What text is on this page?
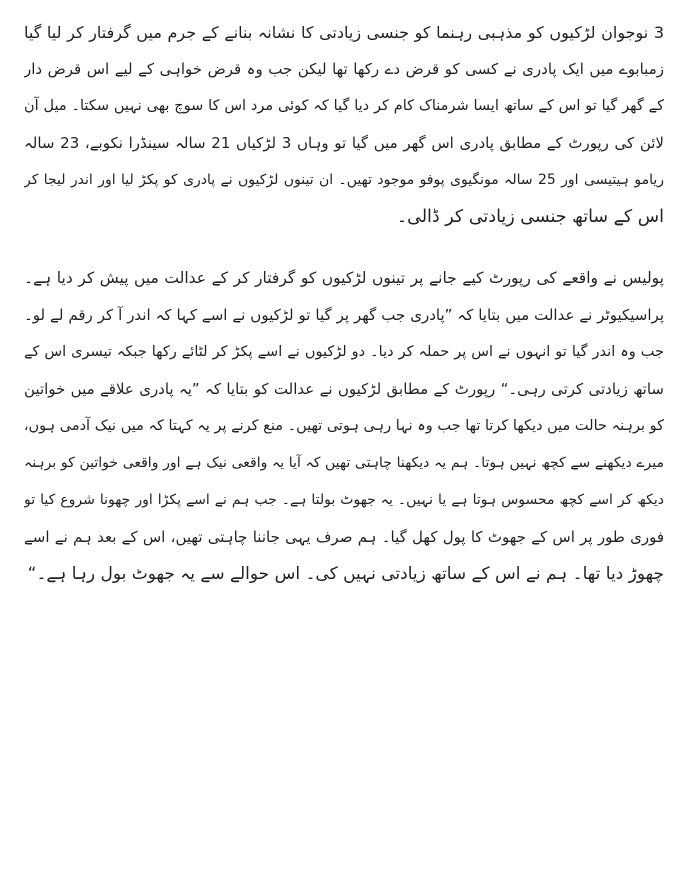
3 نوجوان لڑکیوں کو مذہبی رہنما کو جنسی زیادتی کا نشانہ بنانے کے جرم میں گرفتار کر لیا گیا
زمبابوے میں ایک پادری نے کسی کو قرض دے رکھا تھا لیکن جب وہ قرض خواہی کے لیے اس قرض دار
کے گھر گیا تو اس کے ساتھ ایسا شرمناک کام کر دیا گیا کہ کوئی مرد اس کا سوچ بھی نہیں سکتا۔ میل آن
لائن کی رپورٹ کے مطابق پادری اس گھر میں گیا تو وہاں 3 لڑکیاں 21 سالہ سینڈرا نکوبے، 23 سالہ
ریامو ہیتیسی اور 25 سالہ مونگیوی پوفو موجود تھیں۔ ان تینوں لڑکیوں نے پادری کو پکڑ لیا اور اندر لیجا کر
اس کے ساتھ جنسی زیادتی کر ڈالی۔
پولیس نے واقعے کی رپورٹ کیے جانے پر تینوں لڑکیوں کو گرفتار کر کے عدالت میں پیش کر دیا ہے۔
پراسیکیوٹر نے عدالت میں بتایا کہ ”پادری جب گھر پر گیا تو لڑکیوں نے اسے کہا کہ اندر آ کر رقم لے لو۔
جب وہ اندر گیا تو انہوں نے اس پر حملہ کر دیا۔ دو لڑکیوں نے اسے پکڑ کر لٹائے رکھا جبکہ تیسری اس کے
ساتھ زیادتی کرتی رہی۔“ رپورٹ کے مطابق لڑکیوں نے عدالت کو بتایا کہ ”یہ پادری علاقے میں خواتین
کو برہنہ حالت میں دیکھا کرتا تھا جب وہ نہا رہی ہوتی تھیں۔ منع کرنے پر یہ کہتا کہ میں نیک آدمی ہوں،
میرے دیکھنے سے کچھ نہیں ہوتا۔ ہم یہ دیکھنا چاہتی تھیں کہ آیا یہ واقعی نیک ہے اور واقعی خواتین کو برہنہ
دیکھ کر اسے کچھ محسوس ہوتا ہے یا نہیں۔ یہ جھوٹ بولتا ہے۔ جب ہم نے اسے پکڑا اور چھونا شروع کیا تو
فوری طور پر اس کے جھوٹ کا پول کھل گیا۔ ہم صرف یہی جاننا چاہتی تھیں، اس کے بعد ہم نے اسے
چھوڑ دیا تھا۔ ہم نے اس کے ساتھ زیادتی نہیں کی۔ اس حوالے سے یہ جھوٹ بول رہا ہے۔“
